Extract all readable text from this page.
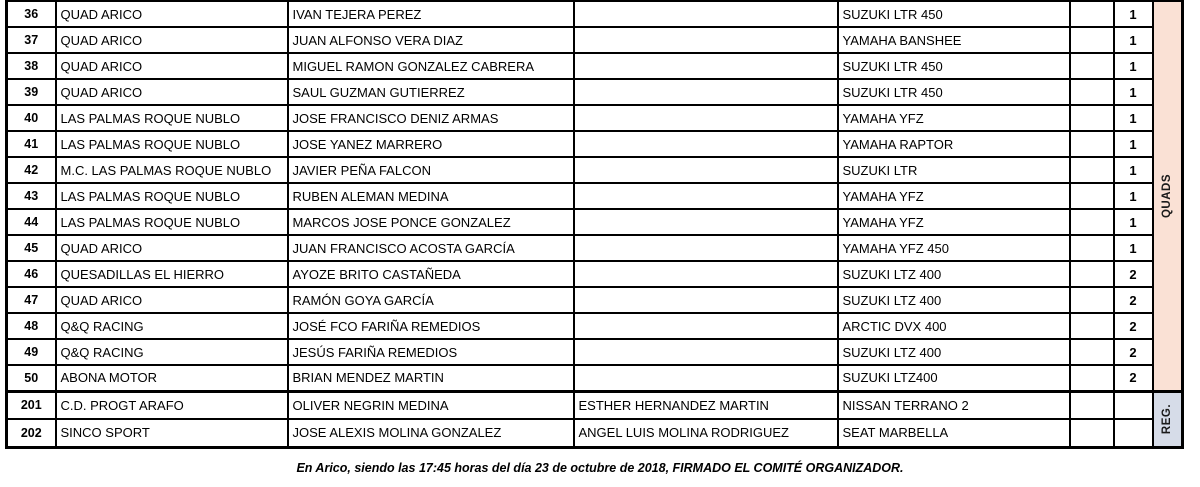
36	QUAD ARICO	IVAN TEJERA PEREZ		SUZUKI LTR 450		1	QUADS

37	QUAD ARICO	JUAN ALFONSO VERA DIAZ		YAMAHA BANSHEE		1	
38	QUAD ARICO	MIGUEL RAMON GONZALEZ CABRERA		SUZUKI LTR 450		1	
39	QUAD ARICO	SAUL GUZMAN GUTIERREZ		SUZUKI LTR 450		1	
40	LAS PALMAS ROQUE NUBLO	JOSE FRANCISCO DENIZ ARMAS		YAMAHA YFZ		1	
41	LAS PALMAS ROQUE NUBLO	JOSE YANEZ MARRERO		YAMAHA RAPTOR		1	
42	M.C. LAS PALMAS ROQUE NUBLO	JAVIER PEÑA FALCON		SUZUKI LTR		1	
43	LAS PALMAS ROQUE NUBLO	RUBEN ALEMAN MEDINA		YAMAHA YFZ		1	
44	LAS PALMAS ROQUE NUBLO	MARCOS JOSE PONCE GONZALEZ		YAMAHA YFZ		1	
45	QUAD ARICO	JUAN FRANCISCO ACOSTA GARCÍA		YAMAHA YFZ 450		1	
46	QUESADILLAS EL HIERRO	AYOZE BRITO CASTAÑEDA		SUZUKI LTZ 400		2	
47	QUAD ARICO	RAMÓN GOYA GARCÍA		SUZUKI LTZ 400		2	
48	Q&Q RACING	JOSÉ FCO FARIÑA REMEDIOS		ARCTIC DVX 400		2	
49	Q&Q RACING	JESÚS FARIÑA REMEDIOS		SUZUKI LTZ 400		2	
50	ABONA MOTOR	BRIAN MENDEZ MARTIN		SUZUKI LTZ400		2	
201	C.D. PROGT ARAFO	OLIVER NEGRIN MEDINA	ESTHER HERNANDEZ MARTIN	NISSAN TERRANO 2			REG.

202	SINCO SPORT	JOSE ALEXIS MOLINA GONZALEZ	ANGEL LUIS MOLINA RODRIGUEZ	SEAT MARBELLA			
En Arico, siendo las 17:45 horas del día 23 de octubre de 2018, FIRMADO EL COMITÉ ORGANIZADOR.
